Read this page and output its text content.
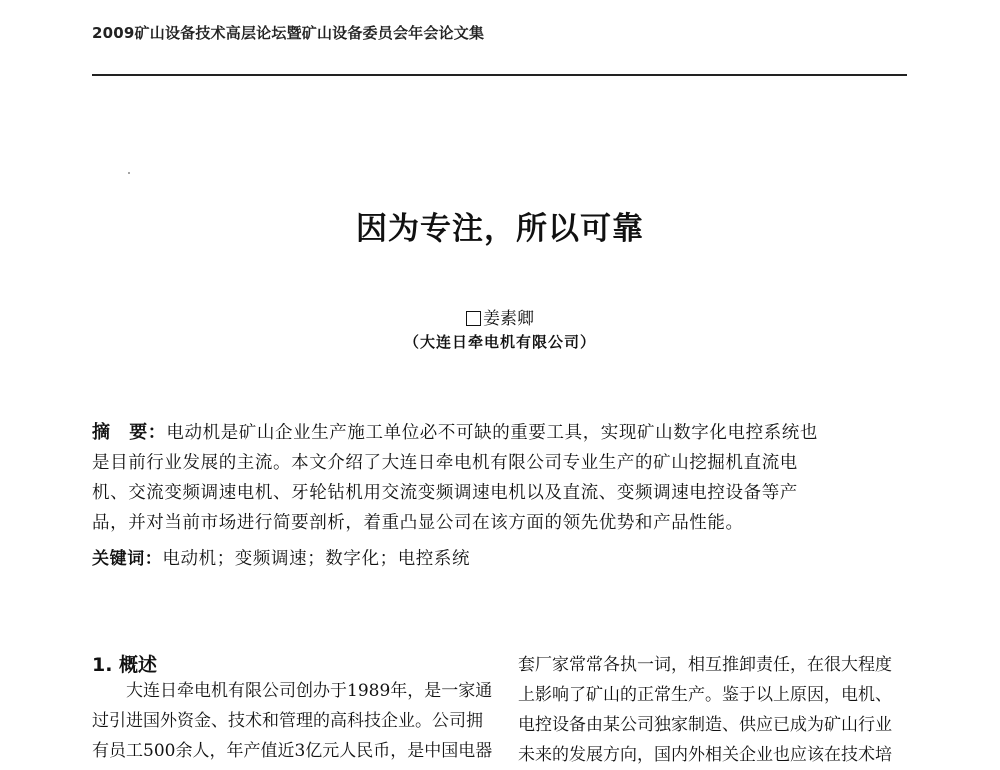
2009矿山设备技术高层论坛暨矿山设备委员会年会论文集
因为专注，所以可靠
姜素卿
（大连日牵电机有限公司）

摘　要：电动机是矿山企业生产施工单位必不可缺的重要工具，实现矿山数字化电控系统也

是目前行业发展的主流。本文介绍了大连日牵电机有限公司专业生产的矿山挖掘机直流电

机、交流变频调速电机、牙轮钻机用交流变频调速电机以及直流、变频调速电控设备等产

品，并对当前市场进行简要剖析，着重凸显公司在该方面的领先优势和产品性能。

关键词：电动机；变频调速；数字化；电控系统
1. 概述

大连日牵电机有限公司创办于1989年，是一家通

过引进国外资金、技术和管理的高科技企业。公司拥

有员工500余人，年产值近3亿元人民币，是中国电器

套厂家常常各执一词，相互推卸责任，在很大程度

上影响了矿山的正常生产。鉴于以上原因，电机、

电控设备由某公司独家制造、供应已成为矿山行业

未来的发展方向，国内外相关企业也应该在技术培
